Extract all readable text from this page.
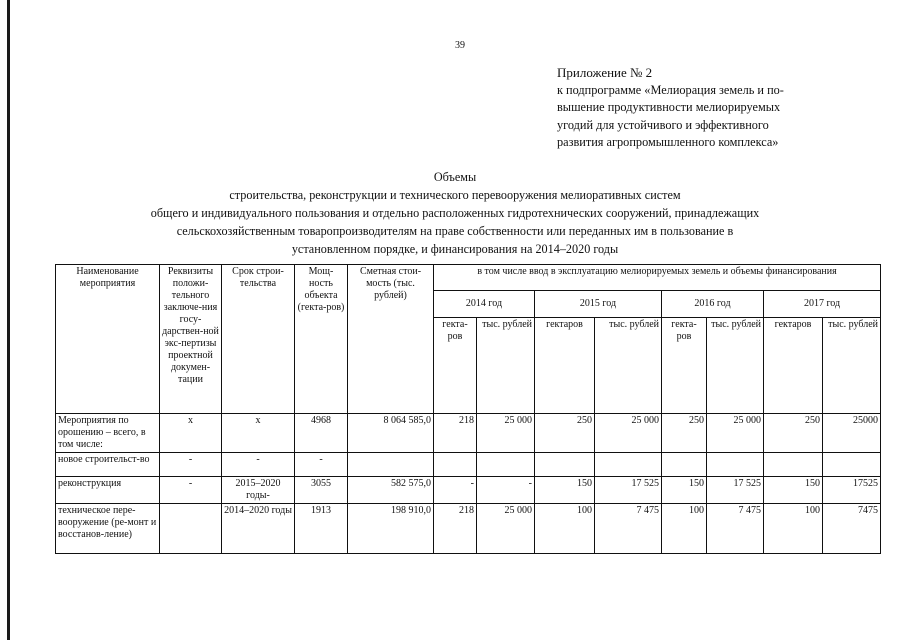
39
Приложение № 2
к подпрограмме «Мелиорация земель и по-
вышение продуктивности мелиорируемых
угодий для устойчивого и эффективного
развития агропромышленного комплекса»
Объемы
строительства, реконструкции и технического перевооружения мелиоративных систем
общего и индивидуального пользования и отдельно расположенных гидротехнических сооружений, принадлежащих
сельскохозяйственным товаропроизводителям на праве собственности или переданных им в пользование в
установленном порядке, и финансирования на 2014–2020 годы
Наименование мероприятия	Реквизиты положи-тельного заключе-ния госу-дарствен-ной экс-пертизы проектной докумен-тации	Срок строи-тельства	Мощ-ность объекта (гекта-ров)	Сметная стои-мость (тыс. рублей)	в том числе ввод в эксплуатацию мелиорируемых земель и объемы финансирования							
					2014 год		2015 год		2016 год		2017 год	
					гекта-ров	тыс. рублей	гектаров	тыс. рублей	гекта-ров	тыс. рублей	гектаров	тыс. рублей
Мероприятия по орошению – всего, в том числе:	х	х	4968	8 064 585,0	218	25 000	250	25 000	250	25 000	250	25000
новое строительст-во	-	-	-									
реконструкция	-	2015–2020 годы-	3055	582 575,0	-	-	150	17 525	150	17 525	150	17525
техническое пере-вооружение (ре-монт и восстанов-ление)		2014–2020 годы	1913	198 910,0	218	25 000	100	7 475	100	7 475	100	7475
